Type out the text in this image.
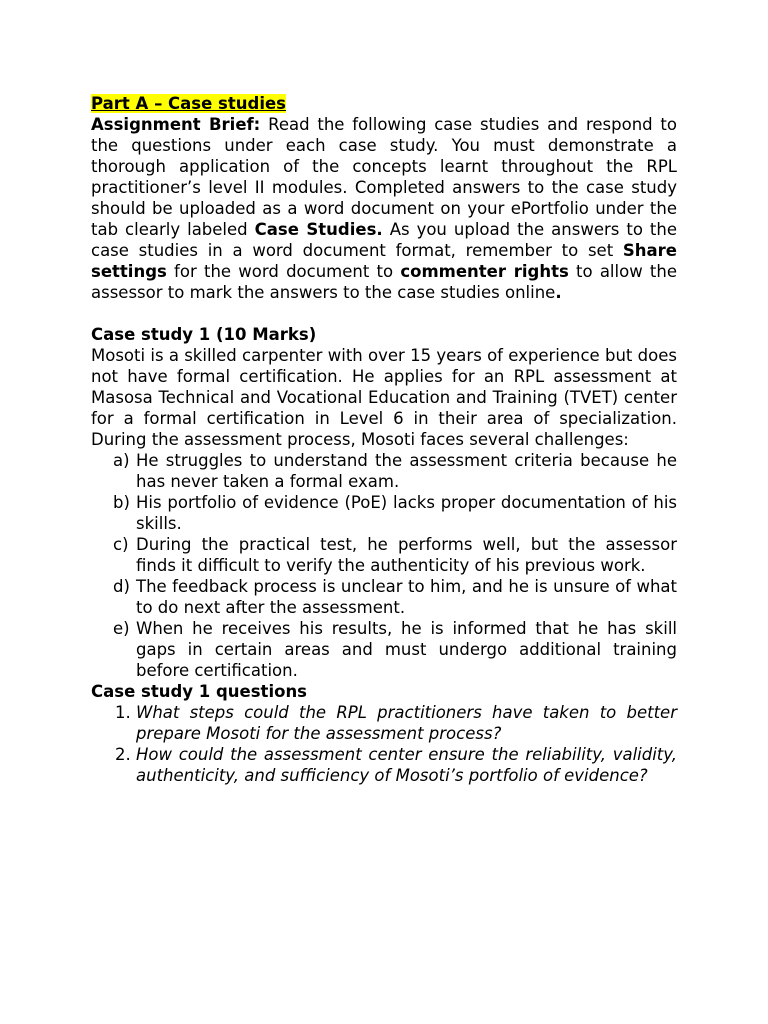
Part A – Case studies

Assignment Brief: Read the following case studies and respond to the questions under each case study. You must demonstrate a thorough application of the concepts learnt throughout the RPL practitioner’s level II modules. Completed answers to the case study should be uploaded as a word document on your ePortfolio under the tab clearly labeled Case Studies. As you upload the answers to the case studies in a word document format, remember to set Share settings for the word document to commenter rights to allow the assessor to mark the answers to the case studies online.

Case study 1 (10 Marks)

Mosoti is a skilled carpenter with over 15 years of experience but does not have formal certification. He applies for an RPL assessment at Masosa Technical and Vocational Education and Training (TVET) center for a formal certification in Level 6 in their area of specialization. During the assessment process, Mosoti faces several challenges:

a) He struggles to understand the assessment criteria because he has never taken a formal exam.
b) His portfolio of evidence (PoE) lacks proper documentation of his skills.
c) During the practical test, he performs well, but the assessor finds it difficult to verify the authenticity of his previous work.
d) The feedback process is unclear to him, and he is unsure of what to do next after the assessment.
e) When he receives his results, he is informed that he has skill gaps in certain areas and must undergo additional training before certification.

Case study 1 questions

1. What steps could the RPL practitioners have taken to better prepare Mosoti for the assessment process?
2. How could the assessment center ensure the reliability, validity, authenticity, and sufficiency of Mosoti’s portfolio of evidence?
